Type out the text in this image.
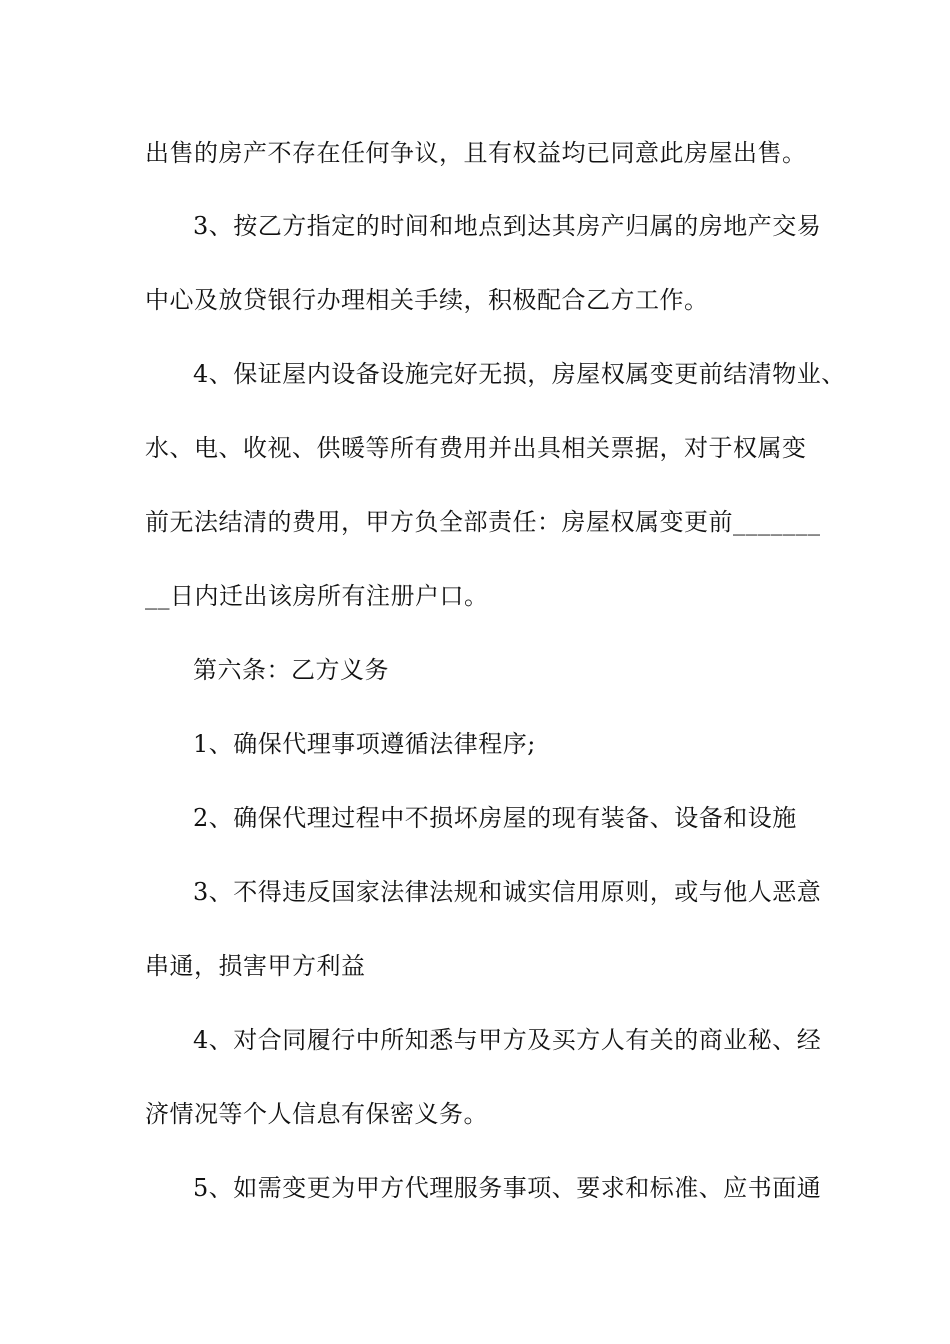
出售的房产不存在任何争议，且有权益均已同意此房屋出售。
3、按乙方指定的时间和地点到达其房产归属的房地产交易
中心及放贷银行办理相关手续，积极配合乙方工作。
4、保证屋内设备设施完好无损，房屋权属变更前结清物业、
水、电、收视、供暖等所有费用并出具相关票据，对于权属变
前无法结清的费用，甲方负全部责任：房屋权属变更前_______
__日内迁出该房所有注册户口。
第六条：乙方义务
1、确保代理事项遵循法律程序;
2、确保代理过程中不损坏房屋的现有装备、设备和设施
3、不得违反国家法律法规和诚实信用原则，或与他人恶意
串通，损害甲方利益
4、对合同履行中所知悉与甲方及买方人有关的商业秘、经
济情况等个人信息有保密义务。
5、如需变更为甲方代理服务事项、要求和标准、应书面通
